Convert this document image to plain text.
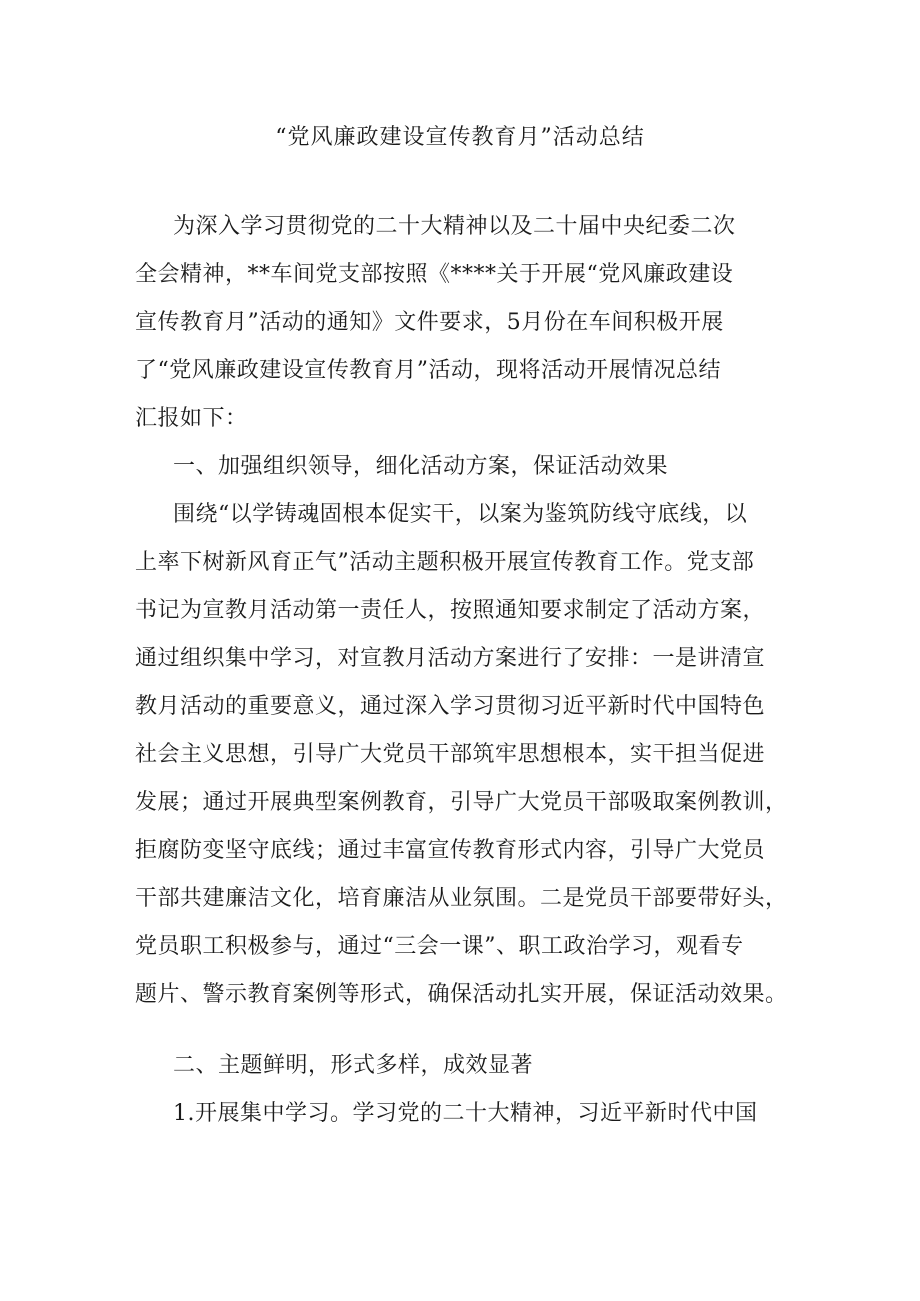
“党风廉政建设宣传教育月”活动总结
为深入学习贯彻党的二十大精神以及二十届中央纪委二次
全会精神，**车间党支部按照《****关于开展“党风廉政建设
宣传教育月”活动的通知》文件要求，5月份在车间积极开展
了“党风廉政建设宣传教育月”活动，现将活动开展情况总结
汇报如下：
一、加强组织领导，细化活动方案，保证活动效果
围绕“以学铸魂固根本促实干，以案为鉴筑防线守底线，以
上率下树新风育正气”活动主题积极开展宣传教育工作。党支部
书记为宣教月活动第一责任人，按照通知要求制定了活动方案，
通过组织集中学习，对宣教月活动方案进行了安排：一是讲清宣
教月活动的重要意义，通过深入学习贯彻习近平新时代中国特色
社会主义思想，引导广大党员干部筑牢思想根本，实干担当促进
发展；通过开展典型案例教育，引导广大党员干部吸取案例教训，
拒腐防变坚守底线；通过丰富宣传教育形式内容，引导广大党员
干部共建廉洁文化，培育廉洁从业氛围。二是党员干部要带好头，
党员职工积极参与，通过“三会一课”、职工政治学习，观看专
题片、警示教育案例等形式，确保活动扎实开展，保证活动效果。
二、主题鲜明，形式多样，成效显著
1.开展集中学习。学习党的二十大精神，习近平新时代中国
